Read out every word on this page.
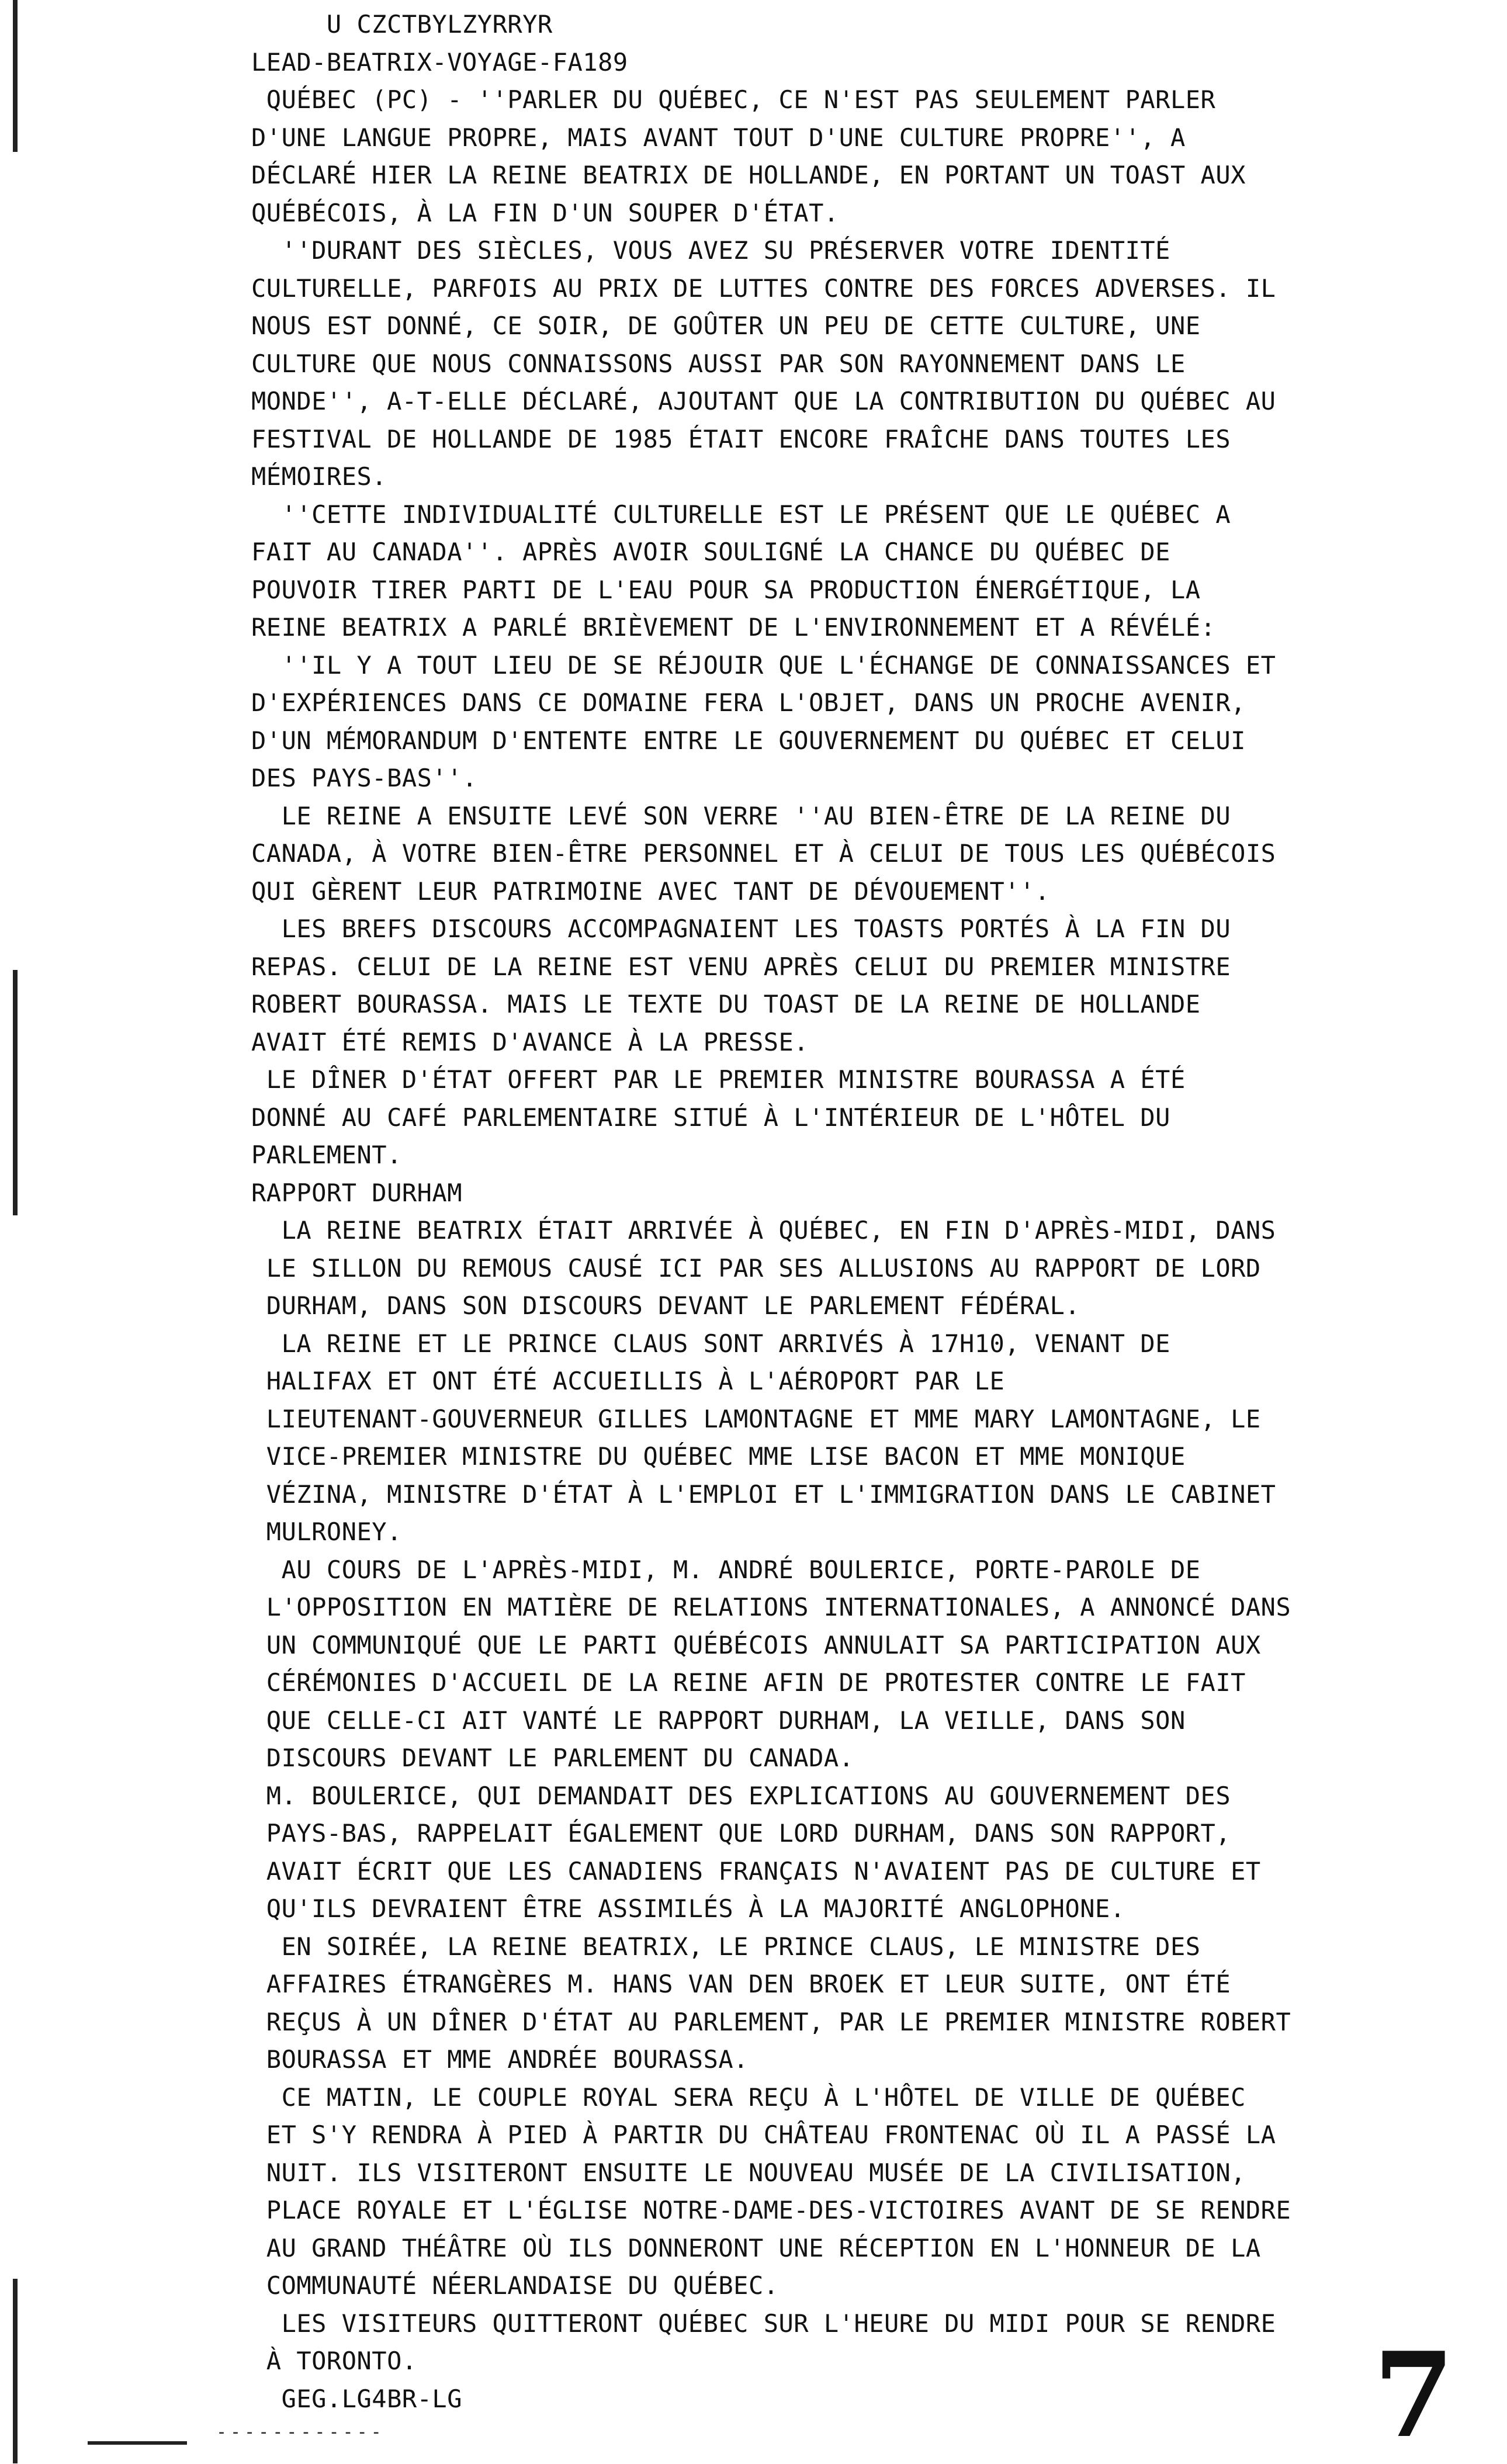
U CZCTBYLZYRRYR
LEAD-BEATRIX-VOYAGE-FA189
QUÉBEC (PC) - ''PARLER DU QUÉBEC, CE N'EST PAS SEULEMENT PARLER
D'UNE LANGUE PROPRE, MAIS AVANT TOUT D'UNE CULTURE PROPRE'', A
DÉCLARÉ HIER LA REINE BEATRIX DE HOLLANDE, EN PORTANT UN TOAST AUX
QUÉBÉCOIS, À LA FIN D'UN SOUPER D'ÉTAT.
''DURANT DES SIÈCLES, VOUS AVEZ SU PRÉSERVER VOTRE IDENTITÉ
CULTURELLE, PARFOIS AU PRIX DE LUTTES CONTRE DES FORCES ADVERSES. IL
NOUS EST DONNÉ, CE SOIR, DE GOÛTER UN PEU DE CETTE CULTURE, UNE
CULTURE QUE NOUS CONNAISSONS AUSSI PAR SON RAYONNEMENT DANS LE
MONDE'', A-T-ELLE DÉCLARÉ, AJOUTANT QUE LA CONTRIBUTION DU QUÉBEC AU
FESTIVAL DE HOLLANDE DE 1985 ÉTAIT ENCORE FRAÎCHE DANS TOUTES LES
MÉMOIRES.
''CETTE INDIVIDUALITÉ CULTURELLE EST LE PRÉSENT QUE LE QUÉBEC A
FAIT AU CANADA''. APRÈS AVOIR SOULIGNÉ LA CHANCE DU QUÉBEC DE
POUVOIR TIRER PARTI DE L'EAU POUR SA PRODUCTION ÉNERGÉTIQUE, LA
REINE BEATRIX A PARLÉ BRIÈVEMENT DE L'ENVIRONNEMENT ET A RÉVÉLÉ:
''IL Y A TOUT LIEU DE SE RÉJOUIR QUE L'ÉCHANGE DE CONNAISSANCES ET
D'EXPÉRIENCES DANS CE DOMAINE FERA L'OBJET, DANS UN PROCHE AVENIR,
D'UN MÉMORANDUM D'ENTENTE ENTRE LE GOUVERNEMENT DU QUÉBEC ET CELUI
DES PAYS-BAS''.
LE REINE A ENSUITE LEVÉ SON VERRE ''AU BIEN-ÊTRE DE LA REINE DU
CANADA, À VOTRE BIEN-ÊTRE PERSONNEL ET À CELUI DE TOUS LES QUÉBÉCOIS
QUI GÈRENT LEUR PATRIMOINE AVEC TANT DE DÉVOUEMENT''.
LES BREFS DISCOURS ACCOMPAGNAIENT LES TOASTS PORTÉS À LA FIN DU
REPAS. CELUI DE LA REINE EST VENU APRÈS CELUI DU PREMIER MINISTRE
ROBERT BOURASSA. MAIS LE TEXTE DU TOAST DE LA REINE DE HOLLANDE
AVAIT ÉTÉ REMIS D'AVANCE À LA PRESSE.
LE DÎNER D'ÉTAT OFFERT PAR LE PREMIER MINISTRE BOURASSA A ÉTÉ
DONNÉ AU CAFÉ PARLEMENTAIRE SITUÉ À L'INTÉRIEUR DE L'HÔTEL DU
PARLEMENT.
RAPPORT DURHAM
LA REINE BEATRIX ÉTAIT ARRIVÉE À QUÉBEC, EN FIN D'APRÈS-MIDI, DANS
LE SILLON DU REMOUS CAUSÉ ICI PAR SES ALLUSIONS AU RAPPORT DE LORD
DURHAM, DANS SON DISCOURS DEVANT LE PARLEMENT FÉDÉRAL.
LA REINE ET LE PRINCE CLAUS SONT ARRIVÉS À 17H10, VENANT DE
HALIFAX ET ONT ÉTÉ ACCUEILLIS À L'AÉROPORT PAR LE
LIEUTENANT-GOUVERNEUR GILLES LAMONTAGNE ET MME MARY LAMONTAGNE, LE
VICE-PREMIER MINISTRE DU QUÉBEC MME LISE BACON ET MME MONIQUE
VÉZINA, MINISTRE D'ÉTAT À L'EMPLOI ET L'IMMIGRATION DANS LE CABINET
MULRONEY.
AU COURS DE L'APRÈS-MIDI, M. ANDRÉ BOULERICE, PORTE-PAROLE DE
L'OPPOSITION EN MATIÈRE DE RELATIONS INTERNATIONALES, A ANNONCÉ DANS
UN COMMUNIQUÉ QUE LE PARTI QUÉBÉCOIS ANNULAIT SA PARTICIPATION AUX
CÉRÉMONIES D'ACCUEIL DE LA REINE AFIN DE PROTESTER CONTRE LE FAIT
QUE CELLE-CI AIT VANTÉ LE RAPPORT DURHAM, LA VEILLE, DANS SON
DISCOURS DEVANT LE PARLEMENT DU CANADA.
M. BOULERICE, QUI DEMANDAIT DES EXPLICATIONS AU GOUVERNEMENT DES
PAYS-BAS, RAPPELAIT ÉGALEMENT QUE LORD DURHAM, DANS SON RAPPORT,
AVAIT ÉCRIT QUE LES CANADIENS FRANÇAIS N'AVAIENT PAS DE CULTURE ET
QU'ILS DEVRAIENT ÊTRE ASSIMILÉS À LA MAJORITÉ ANGLOPHONE.
EN SOIRÉE, LA REINE BEATRIX, LE PRINCE CLAUS, LE MINISTRE DES
AFFAIRES ÉTRANGÈRES M. HANS VAN DEN BROEK ET LEUR SUITE, ONT ÉTÉ
REÇUS À UN DÎNER D'ÉTAT AU PARLEMENT, PAR LE PREMIER MINISTRE ROBERT
BOURASSA ET MME ANDRÉE BOURASSA.
CE MATIN, LE COUPLE ROYAL SERA REÇU À L'HÔTEL DE VILLE DE QUÉBEC
ET S'Y RENDRA À PIED À PARTIR DU CHÂTEAU FRONTENAC OÙ IL A PASSÉ LA
NUIT. ILS VISITERONT ENSUITE LE NOUVEAU MUSÉE DE LA CIVILISATION,
PLACE ROYALE ET L'ÉGLISE NOTRE-DAME-DES-VICTOIRES AVANT DE SE RENDRE
AU GRAND THÉÂTRE OÙ ILS DONNERONT UNE RÉCEPTION EN L'HONNEUR DE LA
COMMUNAUTÉ NÉERLANDAISE DU QUÉBEC.
LES VISITEURS QUITTERONT QUÉBEC SUR L'HEURE DU MIDI POUR SE RENDRE
À TORONTO.
GEG.LG4BR-LG
------------	7
